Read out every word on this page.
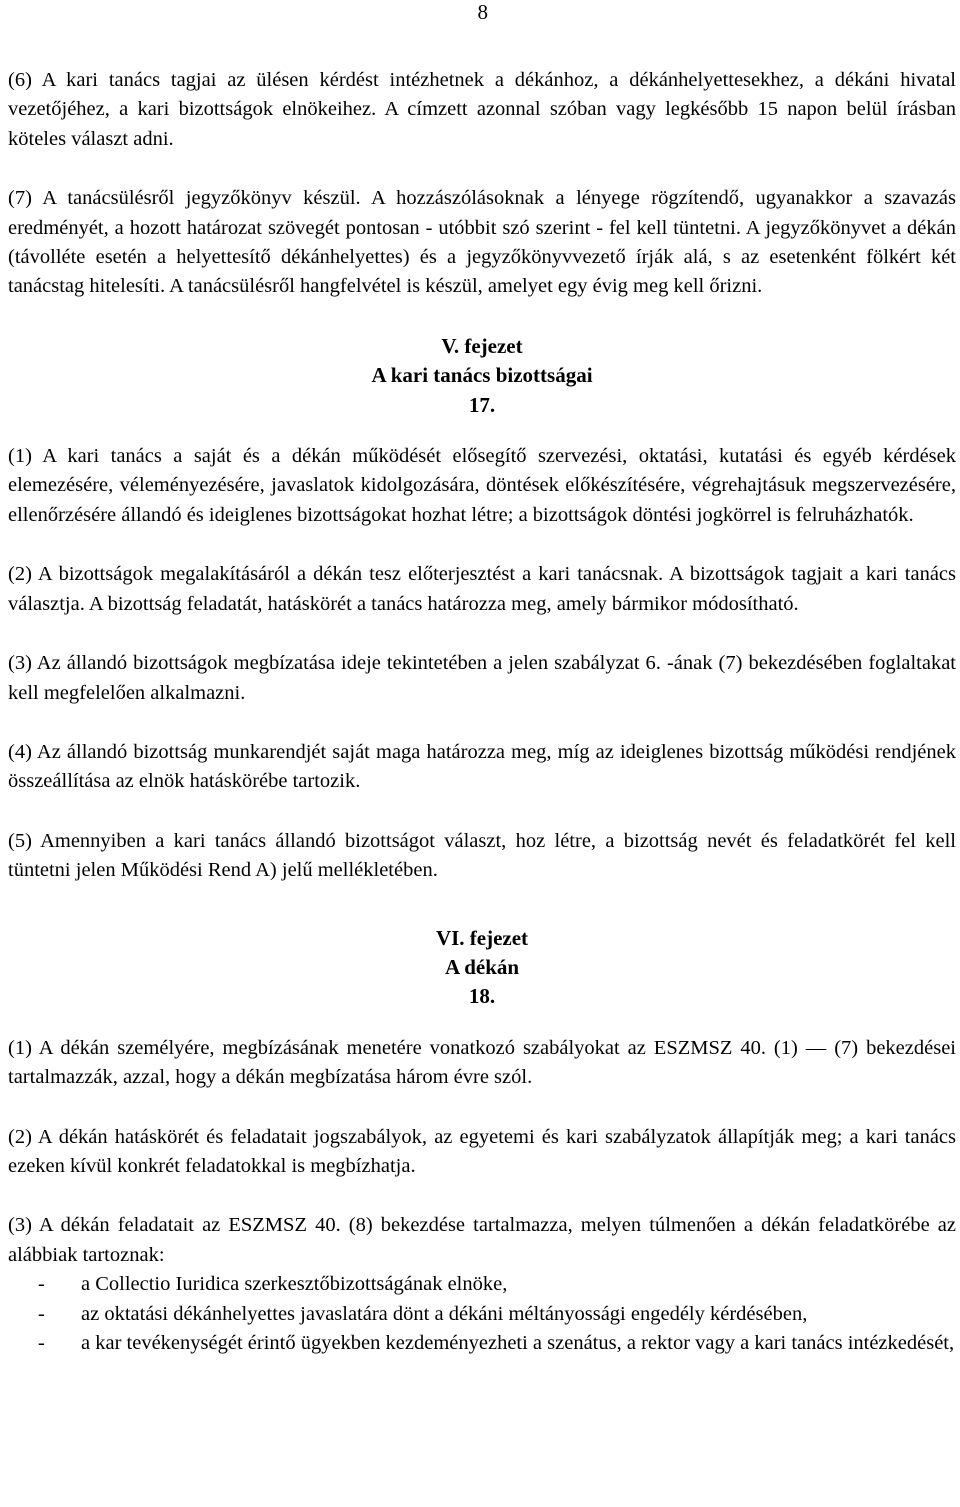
8

(6) A kari tanács tagjai az ülésen kérdést intézhetnek a dékánhoz, a dékánhelyettesekhez, a dékáni hivatal vezetőjéhez, a kari bizottságok elnökeihez. A címzett azonnal szóban vagy legkésőbb 15 napon belül írásban köteles választ adni.

(7) A tanácsülésről jegyzőkönyv készül. A hozzászólásoknak a lényege rögzítendő, ugyanakkor a szavazás eredményét, a hozott határozat szövegét pontosan - utóbbit szó szerint - fel kell tüntetni. A jegyzőkönyvet a dékán (távolléte esetén a helyettesítő dékánhelyettes) és a jegyzőkönyvvezető írják alá, s az esetenként fölkért két tanácstag hitelesíti. A tanácsülésről hangfelvétel is készül, amelyet egy évig meg kell őrizni.

V. fejezet
A kari tanács bizottságai
17.

(1) A kari tanács a saját és a dékán működését elősegítő szervezési, oktatási, kutatási és egyéb kérdések elemezésére, véleményezésére, javaslatok kidolgozására, döntések előkészítésére, végrehajtásuk megszervezésére, ellenőrzésére állandó és ideiglenes bizottságokat hozhat létre; a bizottságok döntési jogkörrel is felruházhatók.

(2) A bizottságok megalakításáról a dékán tesz előterjesztést a kari tanácsnak. A bizottságok tagjait a kari tanács választja. A bizottság feladatát, hatáskörét a tanács határozza meg, amely bármikor módosítható.

(3) Az állandó bizottságok megbízatása ideje tekintetében a jelen szabályzat 6. -ának (7) bekezdésében foglaltakat kell megfelelően alkalmazni.

(4) Az állandó bizottság munkarendjét saját maga határozza meg, míg az ideiglenes bizottság működési rendjének összeállítása az elnök hatáskörébe tartozik.

(5) Amennyiben a kari tanács állandó bizottságot választ, hoz létre, a bizottság nevét és feladatkörét fel kell tüntetni jelen Működési Rend A) jelű mellékletében.

VI. fejezet
A dékán
18.

(1) A dékán személyére, megbízásának menetére vonatkozó szabályokat az ESZMSZ 40. (1) — (7) bekezdései tartalmazzák, azzal, hogy a dékán megbízatása három évre szól.

(2) A dékán hatáskörét és feladatait jogszabályok, az egyetemi és kari szabályzatok állapítják meg; a kari tanács ezeken kívül konkrét feladatokkal is megbízhatja.

(3) A dékán feladatait az ESZMSZ 40. (8) bekezdése tartalmazza, melyen túlmenően a dékán feladatkörébe az alábbiak tartoznak:

- a Collectio Iuridica szerkesztőbizottságának elnöke,
- az oktatási dékánhelyettes javaslatára dönt a dékáni méltányossági engedély kérdésében,
- a kar tevékenységét érintő ügyekben kezdeményezheti a szenátus, a rektor vagy a kari tanács intézkedését,
